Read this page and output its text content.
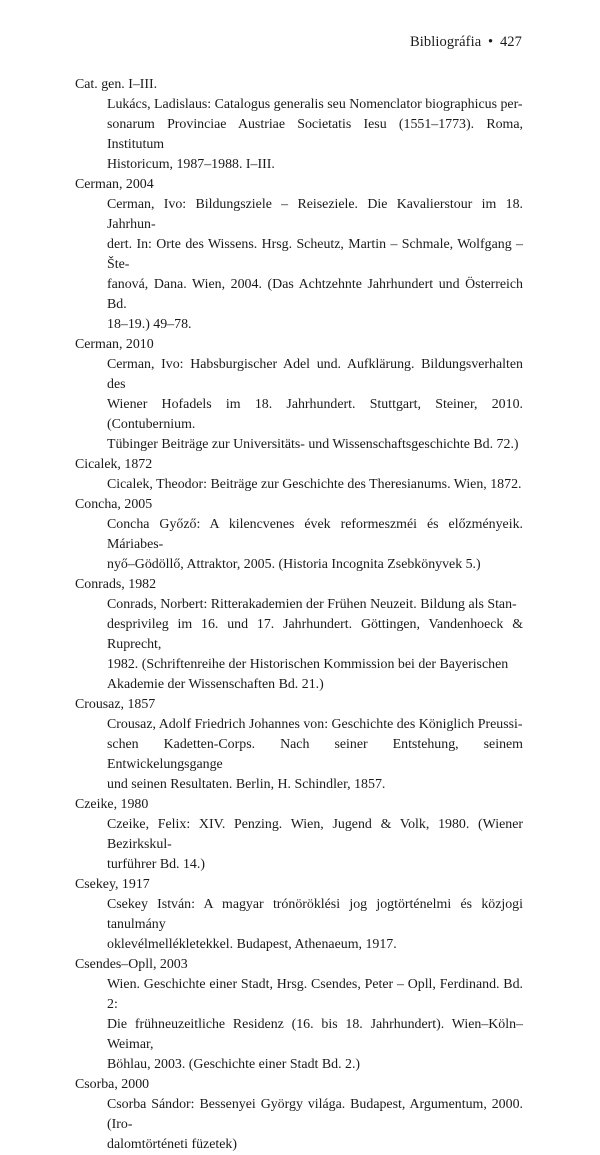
Bibliográfia • 427
Cat. gen. I–III.
Lukács, Ladislaus: Catalogus generalis seu Nomenclator biographicus per-
sonarum Provinciae Austriae Societatis Iesu (1551–1773). Roma, Institutum
Historicum, 1987–1988. I–III.
Cerman, 2004
Cerman, Ivo: Bildungsziele – Reiseziele. Die Kavalierstour im 18. Jahrhun-
dert. In: Orte des Wissens. Hrsg. Scheutz, Martin – Schmale, Wolfgang – Šte-
fanová, Dana. Wien, 2004. (Das Achtzehnte Jahrhundert und Österreich Bd.
18–19.) 49–78.
Cerman, 2010
Cerman, Ivo: Habsburgischer Adel und. Aufklärung. Bildungsverhalten des
Wiener Hofadels im 18. Jahrhundert. Stuttgart, Steiner, 2010. (Contubernium.
Tübinger Beiträge zur Universitäts- und Wissenschaftsgeschichte Bd. 72.)
Cicalek, 1872
Cicalek, Theodor: Beiträge zur Geschichte des Theresianums. Wien, 1872.
Concha, 2005
Concha Győző: A kilencvenes évek reformeszméi és előzményeik. Máriabes-
nyő–Gödöllő, Attraktor, 2005. (Historia Incognita Zsebkönyvek 5.)
Conrads, 1982
Conrads, Norbert: Ritterakademien der Frühen Neuzeit. Bildung als Stan-
desprivileg im 16. und 17. Jahrhundert. Göttingen, Vandenhoeck & Ruprecht,
1982. (Schriftenreihe der Historischen Kommission bei der Bayerischen
Akademie der Wissenschaften Bd. 21.)
Crousaz, 1857
Crousaz, Adolf Friedrich Johannes von: Geschichte des Königlich Preussi-
schen Kadetten-Corps. Nach seiner Entstehung, seinem Entwickelungsgange
und seinen Resultaten. Berlin, H. Schindler, 1857.
Czeike, 1980
Czeike, Felix: XIV. Penzing. Wien, Jugend & Volk, 1980. (Wiener Bezirkskul-
turführer Bd. 14.)
Csekey, 1917
Csekey István: A magyar trónöröklési jog jogtörténelmi és közjogi tanulmány
oklevélmellékletekkel. Budapest, Athenaeum, 1917.
Csendes–Opll, 2003
Wien. Geschichte einer Stadt, Hrsg. Csendes, Peter – Opll, Ferdinand. Bd. 2:
Die frühneuzeitliche Residenz (16. bis 18. Jahrhundert). Wien–Köln–Weimar,
Böhlau, 2003. (Geschichte einer Stadt Bd. 2.)
Csorba, 2000
Csorba Sándor: Bessenyei György világa. Budapest, Argumentum, 2000. (Iro-
dalomtörténeti füzetek)
